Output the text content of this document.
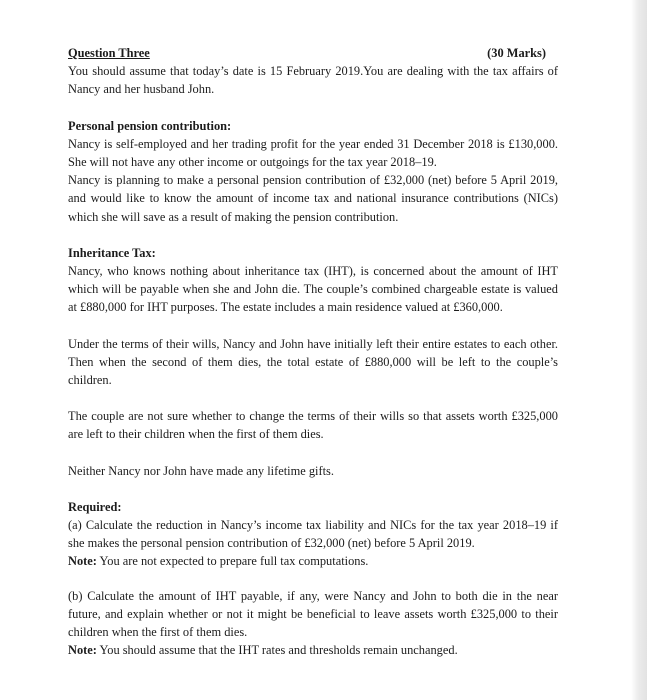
Question Three	(30 Marks)

You should assume that today’s date is 15 February 2019.You are dealing with the tax affairs of Nancy and her husband John.

Personal pension contribution:

Nancy is self-employed and her trading profit for the year ended 31 December 2018 is £130,000. She will not have any other income or outgoings for the tax year 2018–19.

Nancy is planning to make a personal pension contribution of £32,000 (net) before 5 April 2019, and would like to know the amount of income tax and national insurance contributions (NICs) which she will save as a result of making the pension contribution.

Inheritance Tax:

Nancy, who knows nothing about inheritance tax (IHT), is concerned about the amount of IHT which will be payable when she and John die. The couple’s combined chargeable estate is valued at £880,000 for IHT purposes. The estate includes a main residence valued at £360,000.

Under the terms of their wills, Nancy and John have initially left their entire estates to each other. Then when the second of them dies, the total estate of £880,000 will be left to the couple’s children.

The couple are not sure whether to change the terms of their wills so that assets worth £325,000 are left to their children when the first of them dies.

Neither Nancy nor John have made any lifetime gifts.

Required:

(a) Calculate the reduction in Nancy’s income tax liability and NICs for the tax year 2018–19 if she makes the personal pension contribution of £32,000 (net) before 5 April 2019.

Note: You are not expected to prepare full tax computations.

(b) Calculate the amount of IHT payable, if any, were Nancy and John to both die in the near future, and explain whether or not it might be beneficial to leave assets worth £325,000 to their children when the first of them dies.

Note: You should assume that the IHT rates and thresholds remain unchanged.
